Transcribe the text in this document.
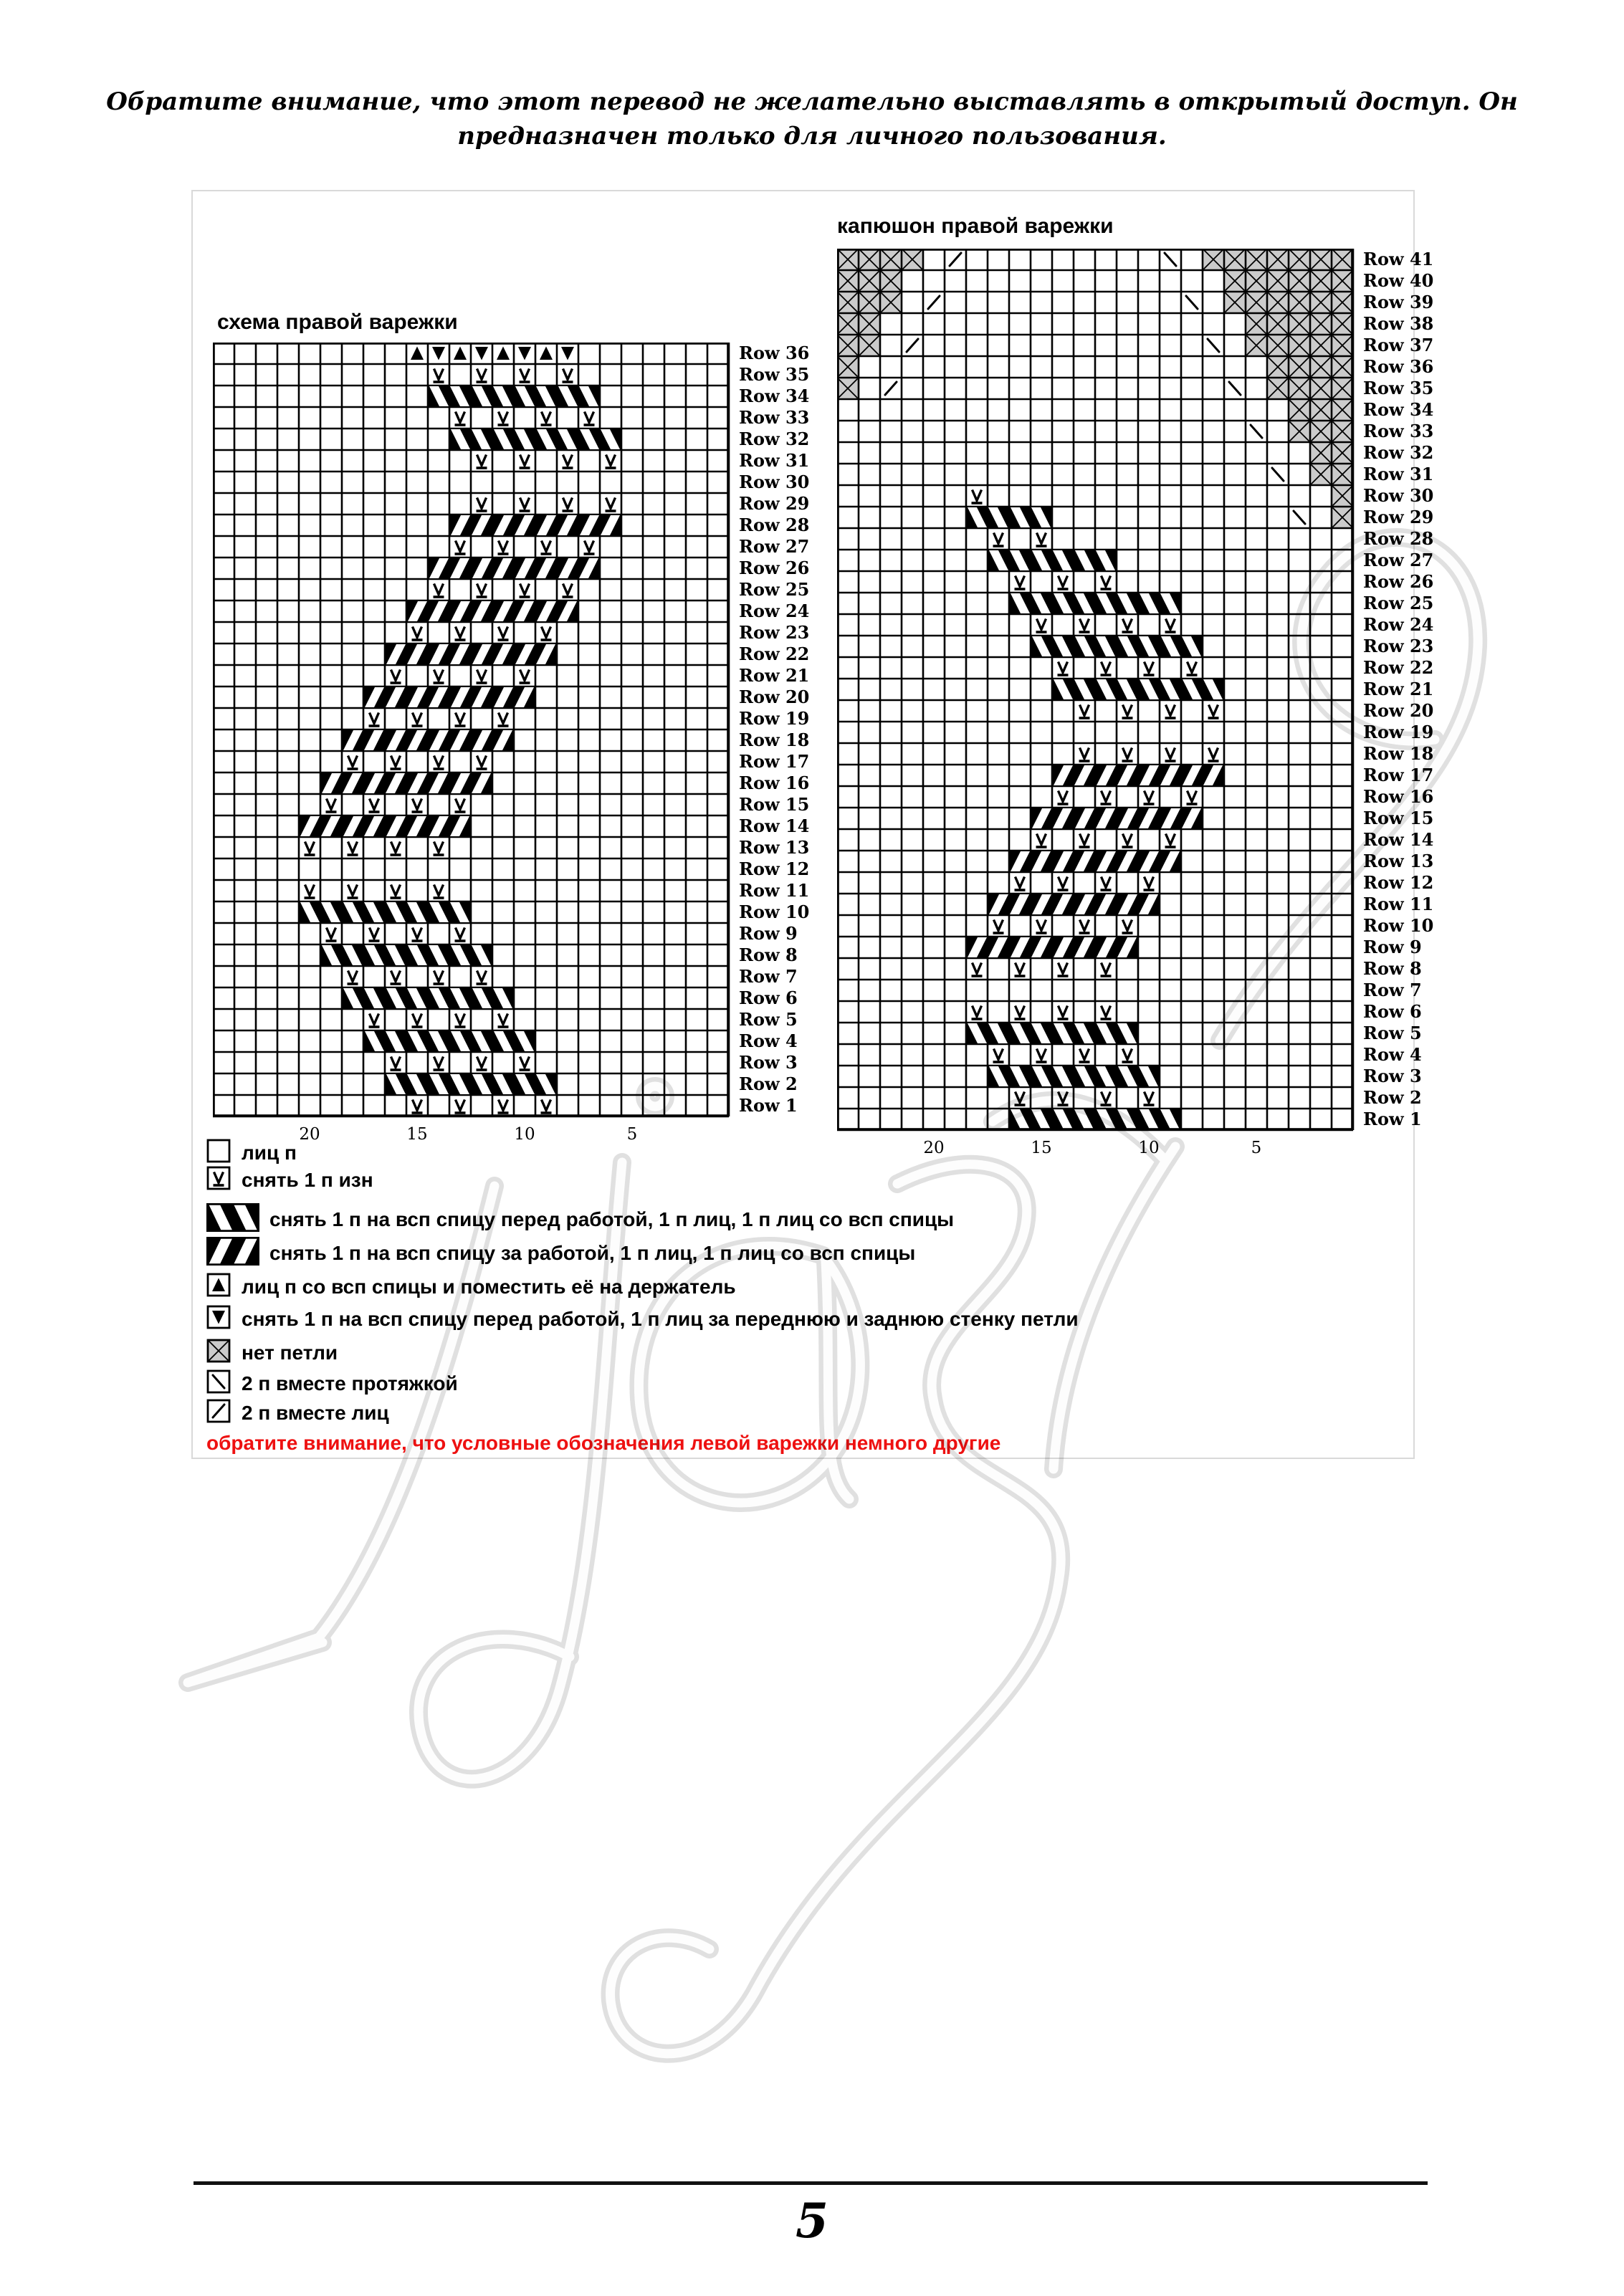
Обратите внимание, что этот перевод не желательно выставлять в открытый доступ. Он
предназначен только для личного пользования.
схема правой варежки
капюшон правой варежки
Row 36
Row 35
Row 34
Row 33
Row 32
Row 31
Row 30
Row 29
Row 28
Row 27
Row 26
Row 25
Row 24
Row 23
Row 22
Row 21
Row 20
Row 19
Row 18
Row 17
Row 16
Row 15
Row 14
Row 13
Row 12
Row 11
Row 10
Row 9
Row 8
Row 7
Row 6
Row 5
Row 4
Row 3
Row 2
Row 1
20	15	10	5
Row 41
Row 40
Row 39
Row 38
Row 37
Row 36
Row 35
Row 34
Row 33
Row 32
Row 31
Row 30
Row 29
Row 28
Row 27
Row 26
Row 25
Row 24
Row 23
Row 22
Row 21
Row 20
Row 19
Row 18
Row 17
Row 16
Row 15
Row 14
Row 13
Row 12
Row 11
Row 10
Row 9
Row 8
Row 7
Row 6
Row 5
Row 4
Row 3
Row 2
Row 1
20	15	10	5
лиц п
снять 1 п изн
снять 1 п на всп спицу перед работой, 1 п лиц, 1 п лиц со всп спицы
снять 1 п на всп спицу за работой, 1 п лиц, 1 п лиц со всп спицы
лиц п со всп спицы и поместить её на держатель
снять 1 п на всп спицу перед работой, 1 п лиц за переднюю и заднюю стенку петли
нет петли
2 п вместе протяжкой
2 п вместе лиц
обратите внимание, что условные обозначения левой варежки немного другие
5
